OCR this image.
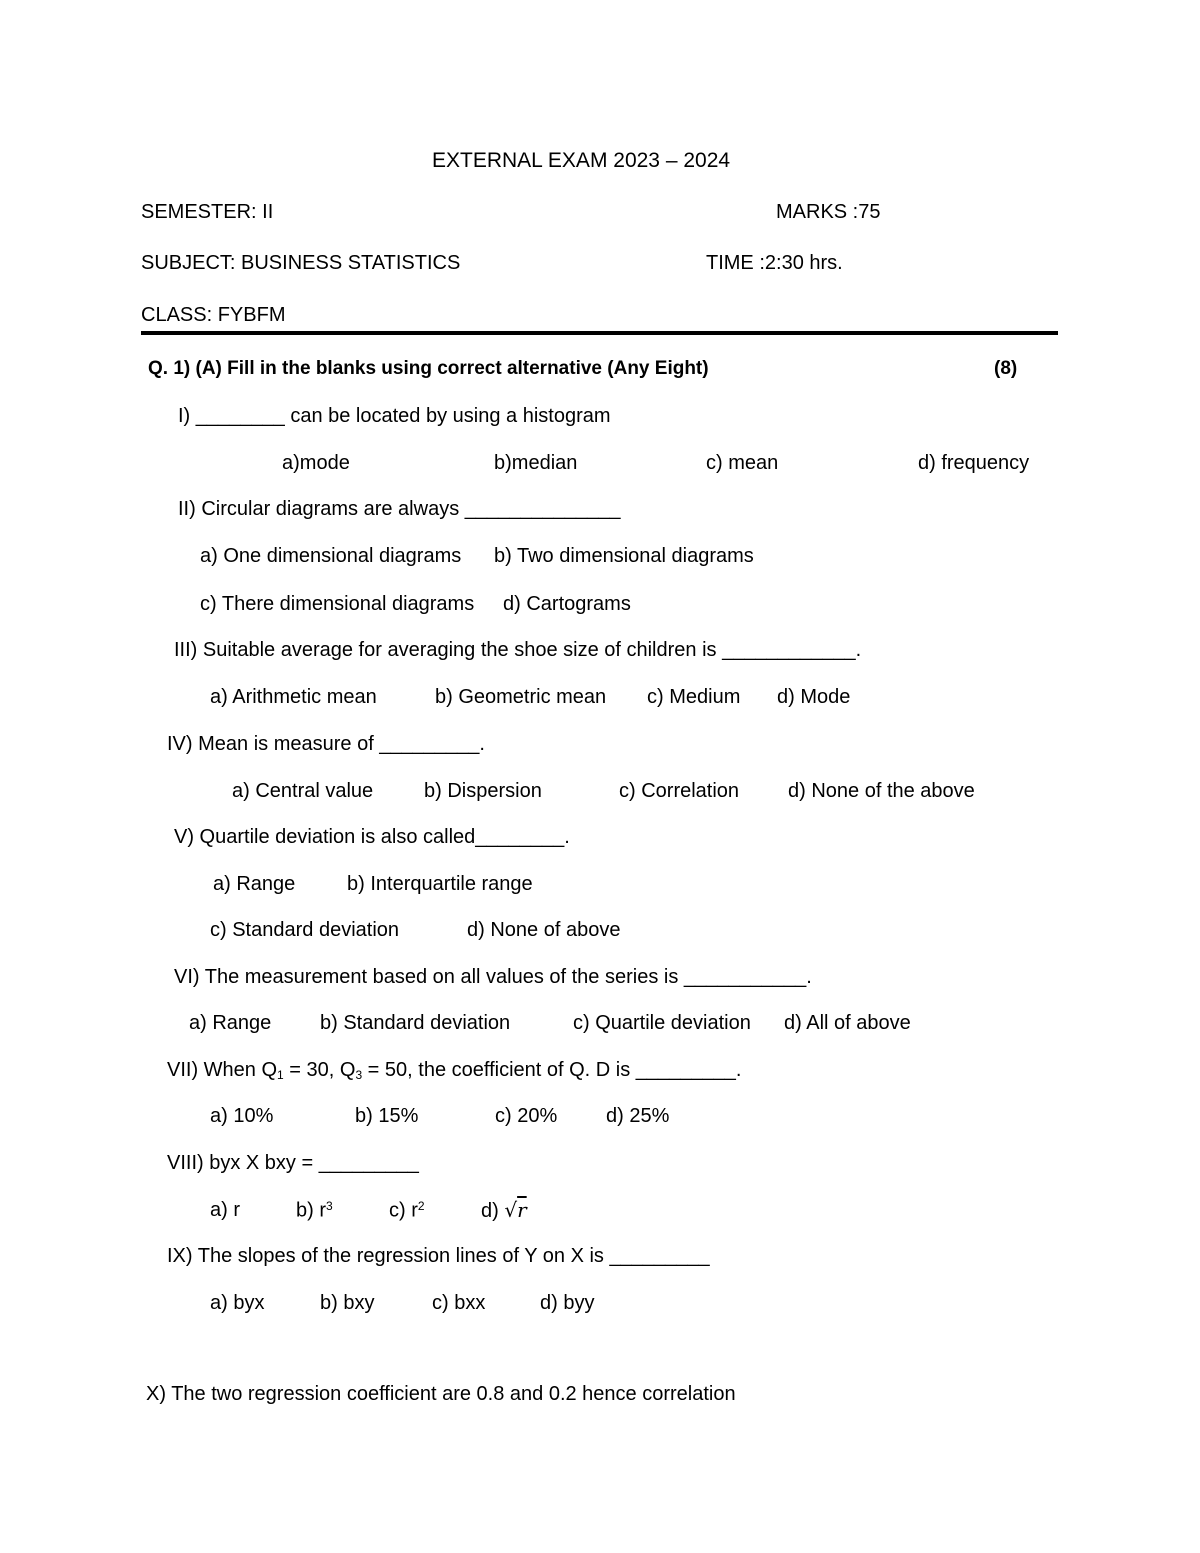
EXTERNAL EXAM 2023 – 2024
SEMESTER: II	MARKS :75
SUBJECT: BUSINESS STATISTICS	TIME :2:30 hrs.
CLASS: FYBFM
Q. 1) (A) Fill in the blanks using correct alternative (Any Eight)	(8)
I) ________ can be located by using a histogram
a)mode	b)median	c) mean	d) frequency
II) Circular diagrams are always ______________
a) One dimensional diagrams b) Two dimensional diagrams
c) There dimensional diagrams d) Cartograms
III) Suitable average for averaging the shoe size of children is ____________.
a) Arithmetic mean	b) Geometric mean c) Medium d) Mode
IV) Mean is measure of _________.
a) Central value	b) Dispersion	c) Correlation d) None of the above
V) Quartile deviation is also called________.
a) Range	b) Interquartile range
c) Standard deviation	d) None of above
VI) The measurement based on all values of the series is ___________.
a) Range b) Standard deviation	c) Quartile deviation d) All of above
VII) When $Q_1 = 30$, $Q_3 = 50$, the coefficient of Q. D is _________.
a) 10%	b) 15%	c) 20% d) 25%
VIII) byx X bxy = _________
a) r	b) $r^3$	c) $r^2$	d) √r
IX) The slopes of the regression lines of Y on X is _________
a) byx	b) bxy	c) bxx	d) byy
X) The two regression coefficient are 0.8 and 0.2 hence correlation
